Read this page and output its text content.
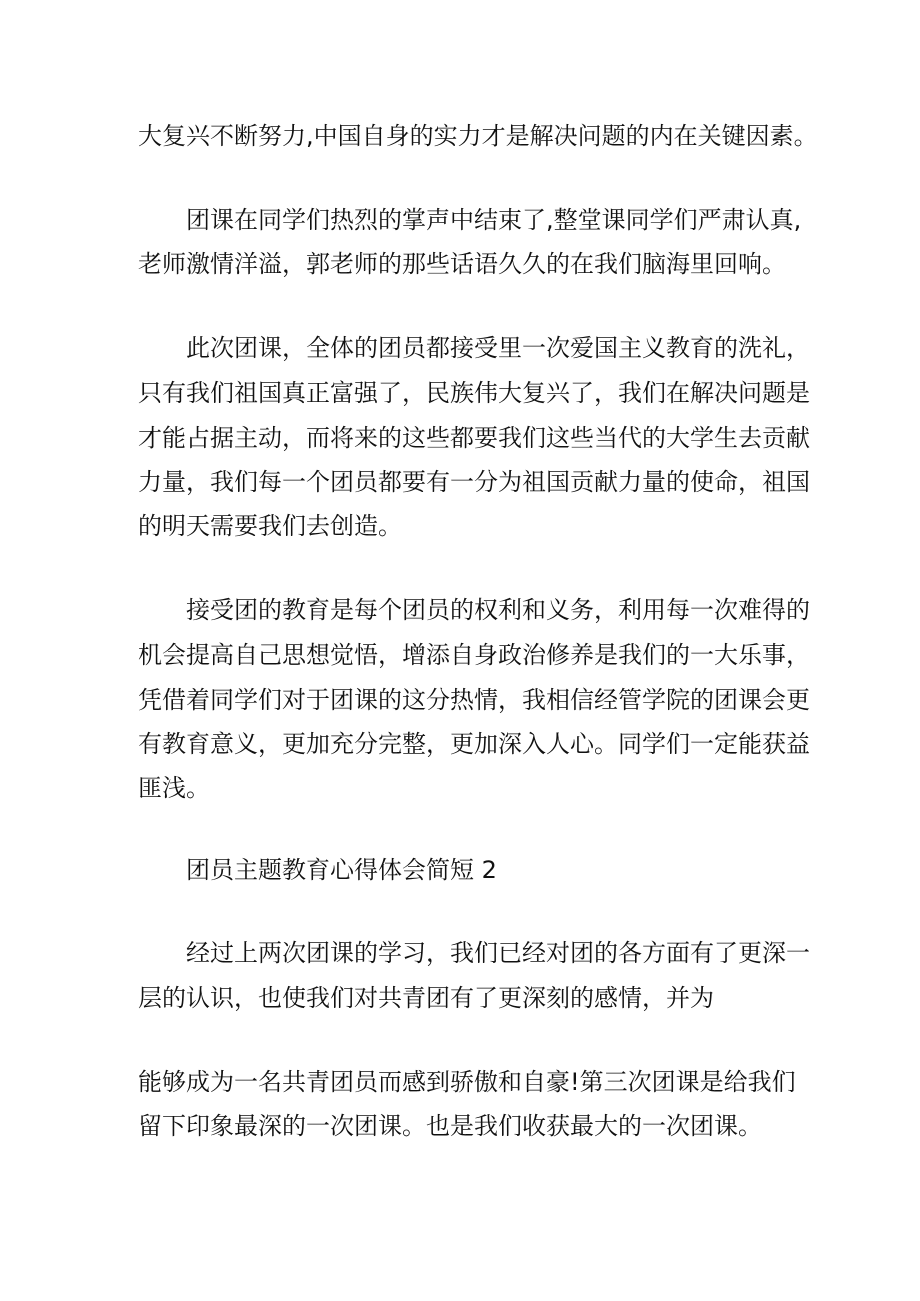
大复兴不断努力,中国自身的实力才是解决问题的内在关键因素。

团课在同学们热烈的掌声中结束了,整堂课同学们严肃认真,

老师激情洋溢，郭老师的那些话语久久的在我们脑海里回响。

此次团课，全体的团员都接受里一次爱国主义教育的洗礼，

只有我们祖国真正富强了，民族伟大复兴了，我们在解决问题是

才能占据主动，而将来的这些都要我们这些当代的大学生去贡献

力量，我们每一个团员都要有一分为祖国贡献力量的使命，祖国

的明天需要我们去创造。

接受团的教育是每个团员的权利和义务，利用每一次难得的

机会提高自己思想觉悟，增添自身政治修养是我们的一大乐事，

凭借着同学们对于团课的这分热情，我相信经管学院的团课会更

有教育意义，更加充分完整，更加深入人心。同学们一定能获益

匪浅。

团员主题教育心得体会简短 2

经过上两次团课的学习，我们已经对团的各方面有了更深一

层的认识，也使我们对共青团有了更深刻的感情，并为

能够成为一名共青团员而感到骄傲和自豪!第三次团课是给我们

留下印象最深的一次团课。也是我们收获最大的一次团课。
